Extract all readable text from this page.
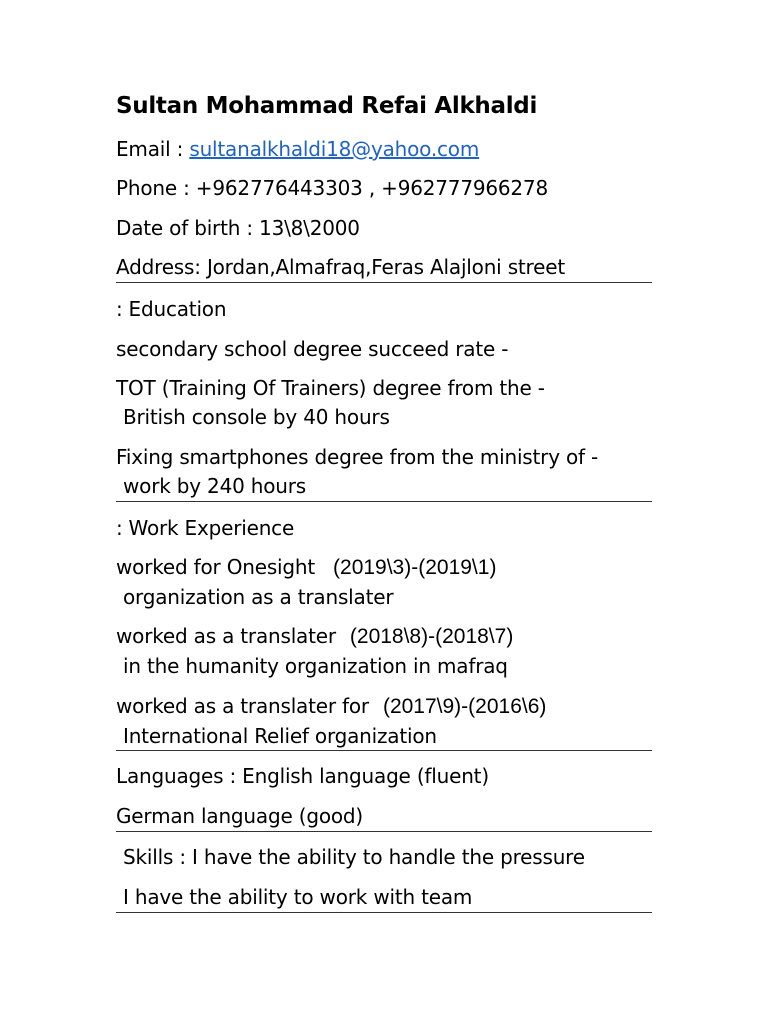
Sultan Mohammad Refai Alkhaldi
Email : sultanalkhaldi18@yahoo.com
Phone : +962776443303 , +962777966278
Date of birth : 13\8\2000
Address: Jordan,Almafraq,Feras Alajloni street
: Education
secondary school degree succeed rate -
TOT (Training Of Trainers) degree from the -
British console by 40 hours
Fixing smartphones degree from the ministry of -
work by 240 hours
: Work Experience
worked for Onesight (2019\3)-(2019\1)
organization as a translater
worked as a translater (2018\8)-(2018\7)
in the humanity organization in mafraq
worked as a translater for (2017\9)-(2016\6)
International Relief organization
Languages : English language (fluent)
German language (good)
Skills : I have the ability to handle the pressure
I have the ability to work with team
